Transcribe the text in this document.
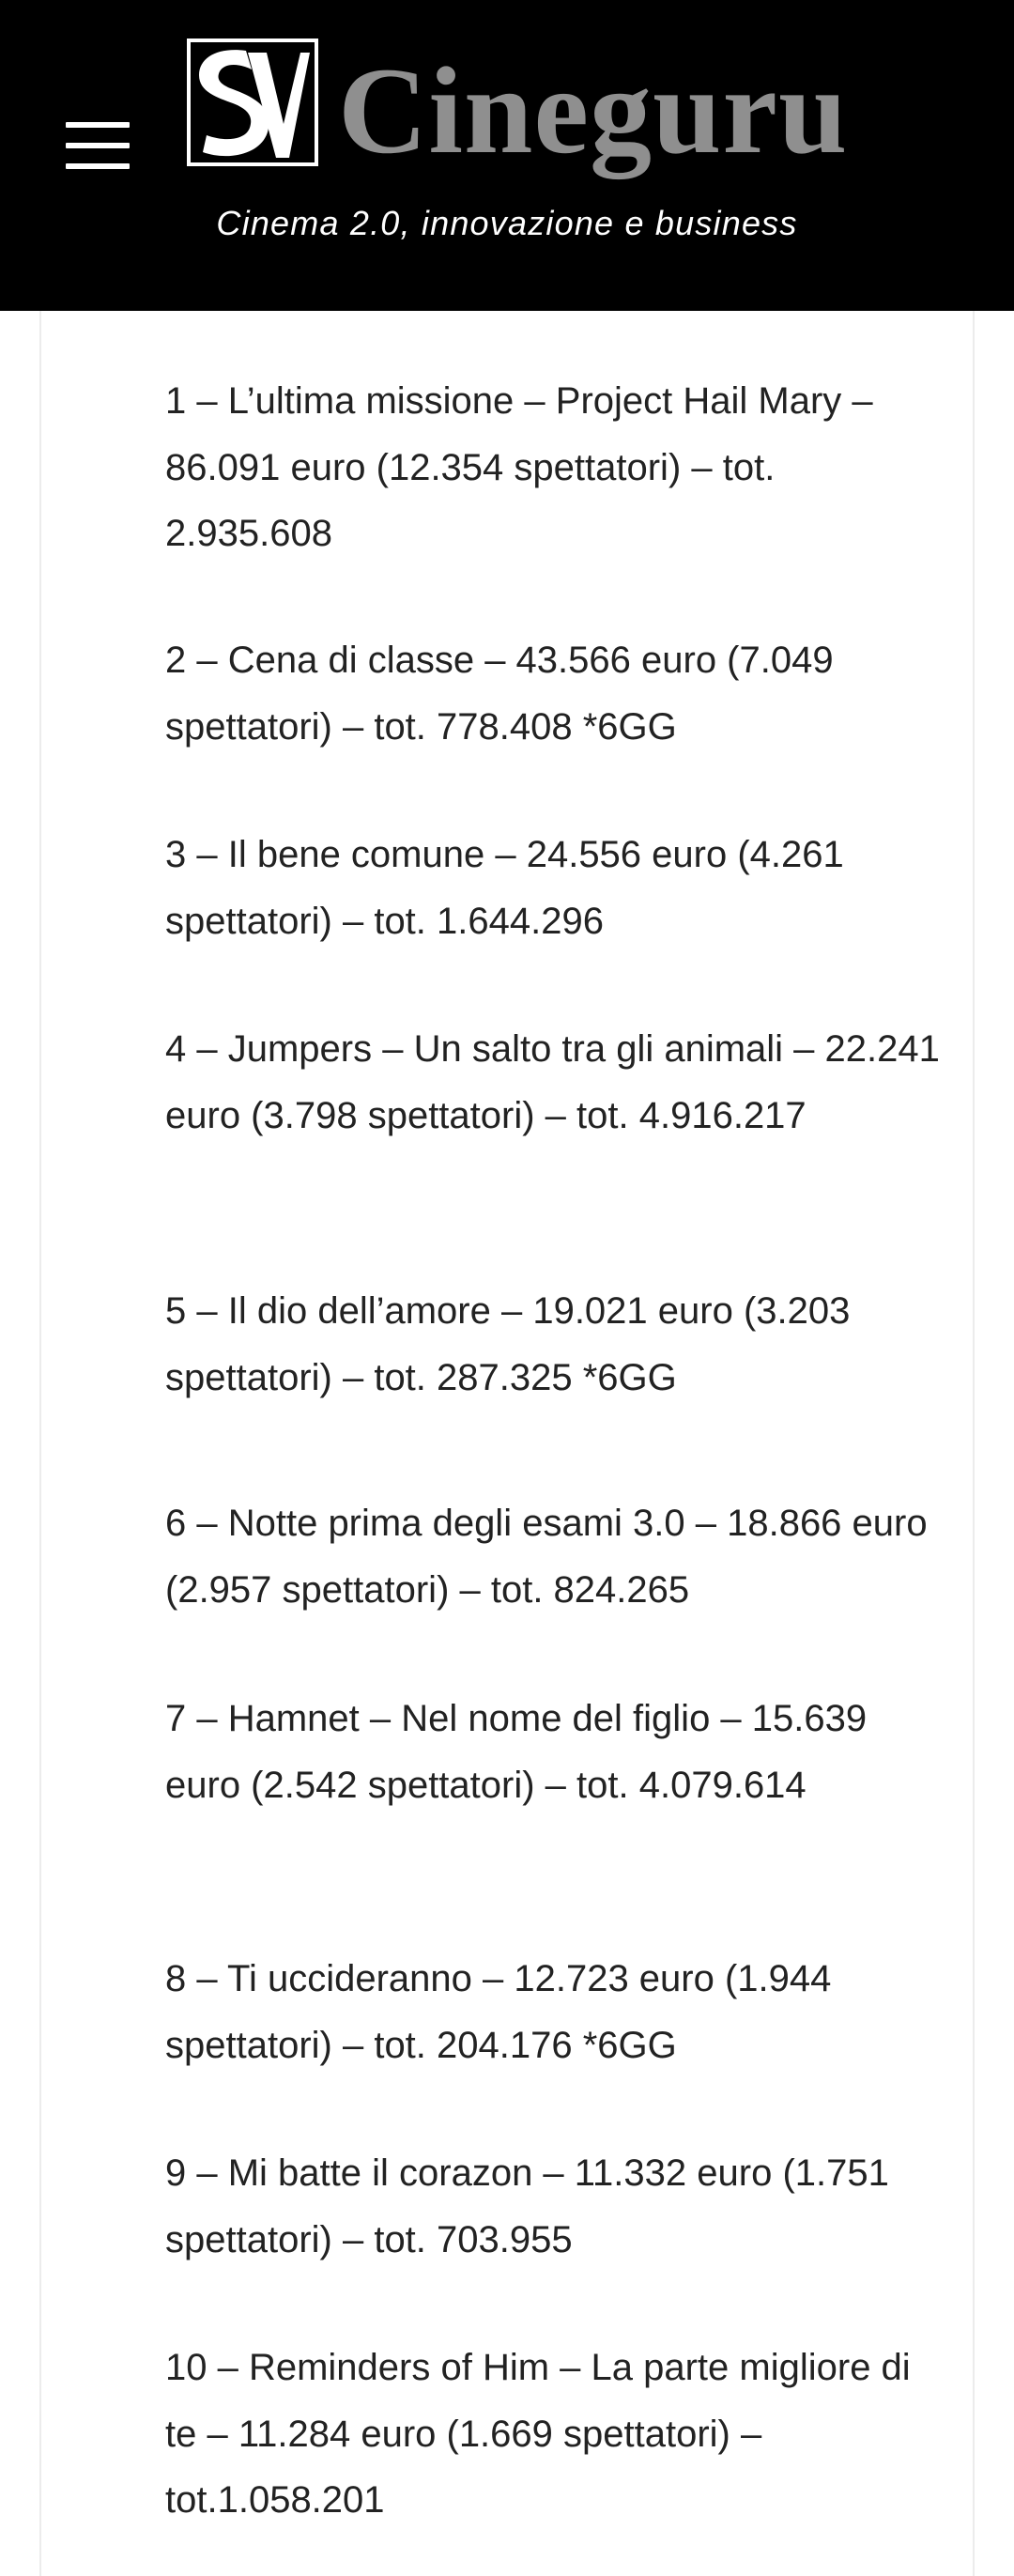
Cineguru
Cinema 2.0, innovazione e business

1 – L’ultima missione – Project Hail Mary – 86.091 euro (12.354 spettatori) – tot. 2.935.608

2 – Cena di classe – 43.566 euro (7.049 spettatori) – tot. 778.408 *6GG

3 – Il bene comune – 24.556 euro (4.261 spettatori) – tot. 1.644.296

4 – Jumpers – Un salto tra gli animali – 22.241 euro (3.798 spettatori) – tot. 4.916.217

5 – Il dio dell’amore – 19.021 euro (3.203 spettatori) – tot. 287.325 *6GG

6 – Notte prima degli esami 3.0 – 18.866 euro (2.957 spettatori) – tot. 824.265

7 – Hamnet – Nel nome del figlio – 15.639 euro (2.542 spettatori) – tot. 4.079.614

8 – Ti uccideranno – 12.723 euro (1.944 spettatori) – tot. 204.176 *6GG

9 – Mi batte il corazon – 11.332 euro (1.751 spettatori) – tot. 703.955

10 – Reminders of Him – La parte migliore di te – 11.284 euro (1.669 spettatori) – tot.1.058.201
